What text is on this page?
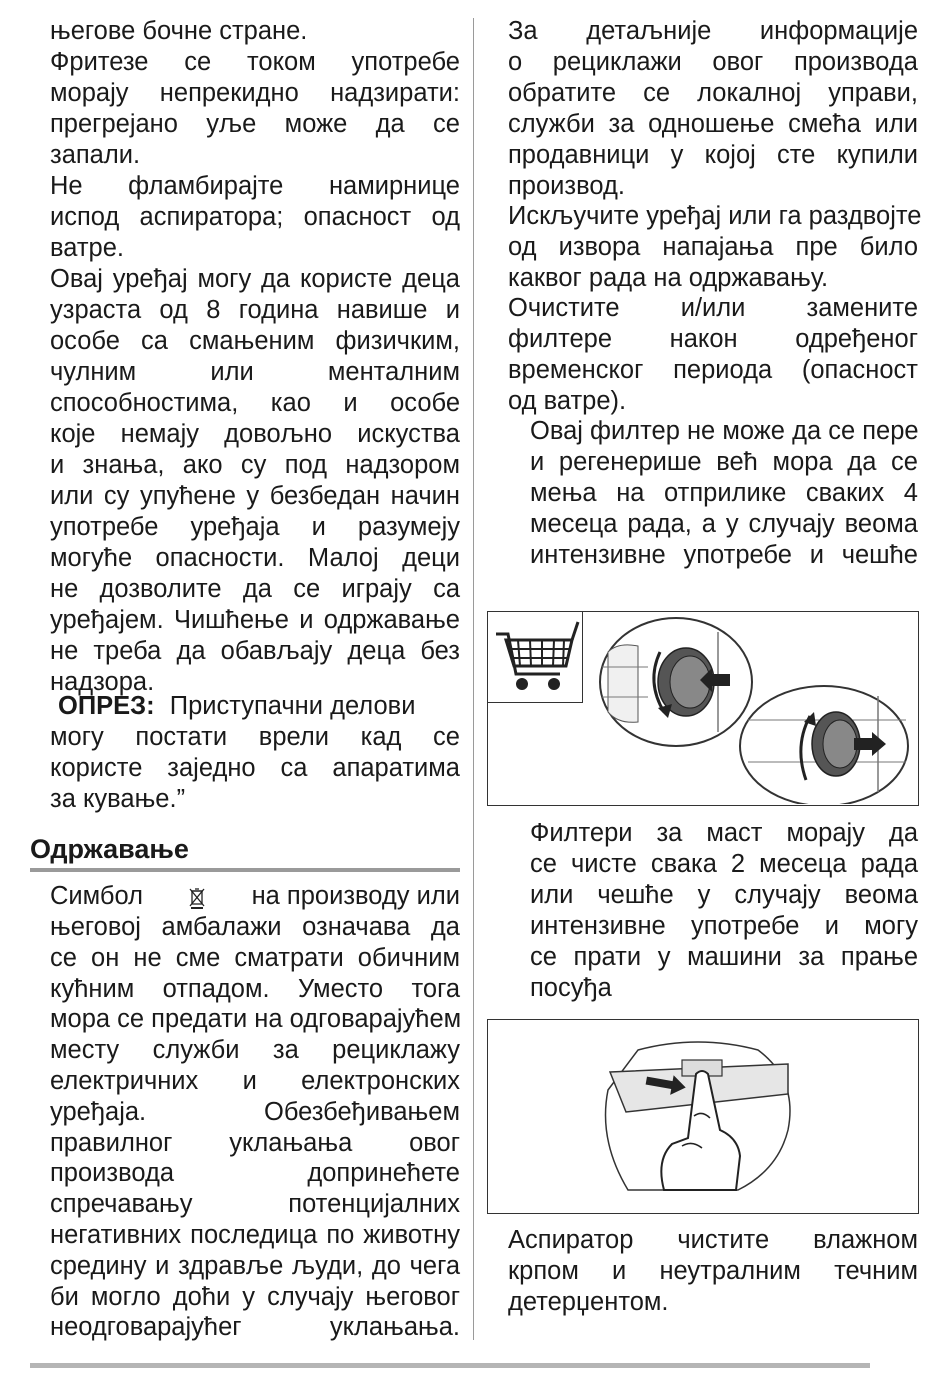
његове бочне стране.
Фритезе се током употребе
морају непрекидно надзирати:
прегрејано уље може да се
запали.
Не фламбирајте намирнице
испод аспиратора; опасност од
ватре.
Овај уређај могу да користе деца
узраста од 8 година навише и
особе са смањеним физичким,
чулним или менталним
способностима, као и особе
које немају довољно искуства
и знања, ако су под надзором
или су упућене у безбедан начин
употребе уређаја и разумеју
могуће опасности. Малој деци
не дозволите да се играју са
уређајем. Чишћење и одржавање
не треба да обављају деца без
надзора.
ОПРЕЗ: Приступачни делови
могу постати врели кад се
користе заједно са апаратима
за кување.”
Одржавање
Симбол	на производу или
његовој амбалажи означава да
се он не сме сматрати обичним
кућним отпадом. Уместо тога
мора се предати на одговарајућем
месту служби за рециклажу
електричних и електронских
уређаја. Обезбеђивањем
правилног уклањања овог
производа допринећете
спречавању потенцијалних
негативних последица по животну
средину и здравље људи, до чега
би могло доћи у случају његовог
неодговарајућег уклањања.
За детаљније информације
о рециклажи овог производа
обратите се локалној управи,
служби за одношење смећа или
продавници у којој сте купили
производ.
Искључите уређај или га раздвојте
од извора напајања пре било
каквог рада на одржавању.
Очистите и/или замените
филтере након одређеног
временског периода (опасност
од ватре).
Овај филтер не може да се пере
и регенерише већ мора да се
мења на отприлике сваких 4
месеца рада, а у случају веома
интензивне употребе и чешће
Филтери за маст морају да
се чисте свака 2 месеца рада
или чешће у случају веома
интензивне употребе и могу
се прати у машини за прање
посуђа
Аспиратор чистите влажном
крпом и неутралним течним
детерџентом.
